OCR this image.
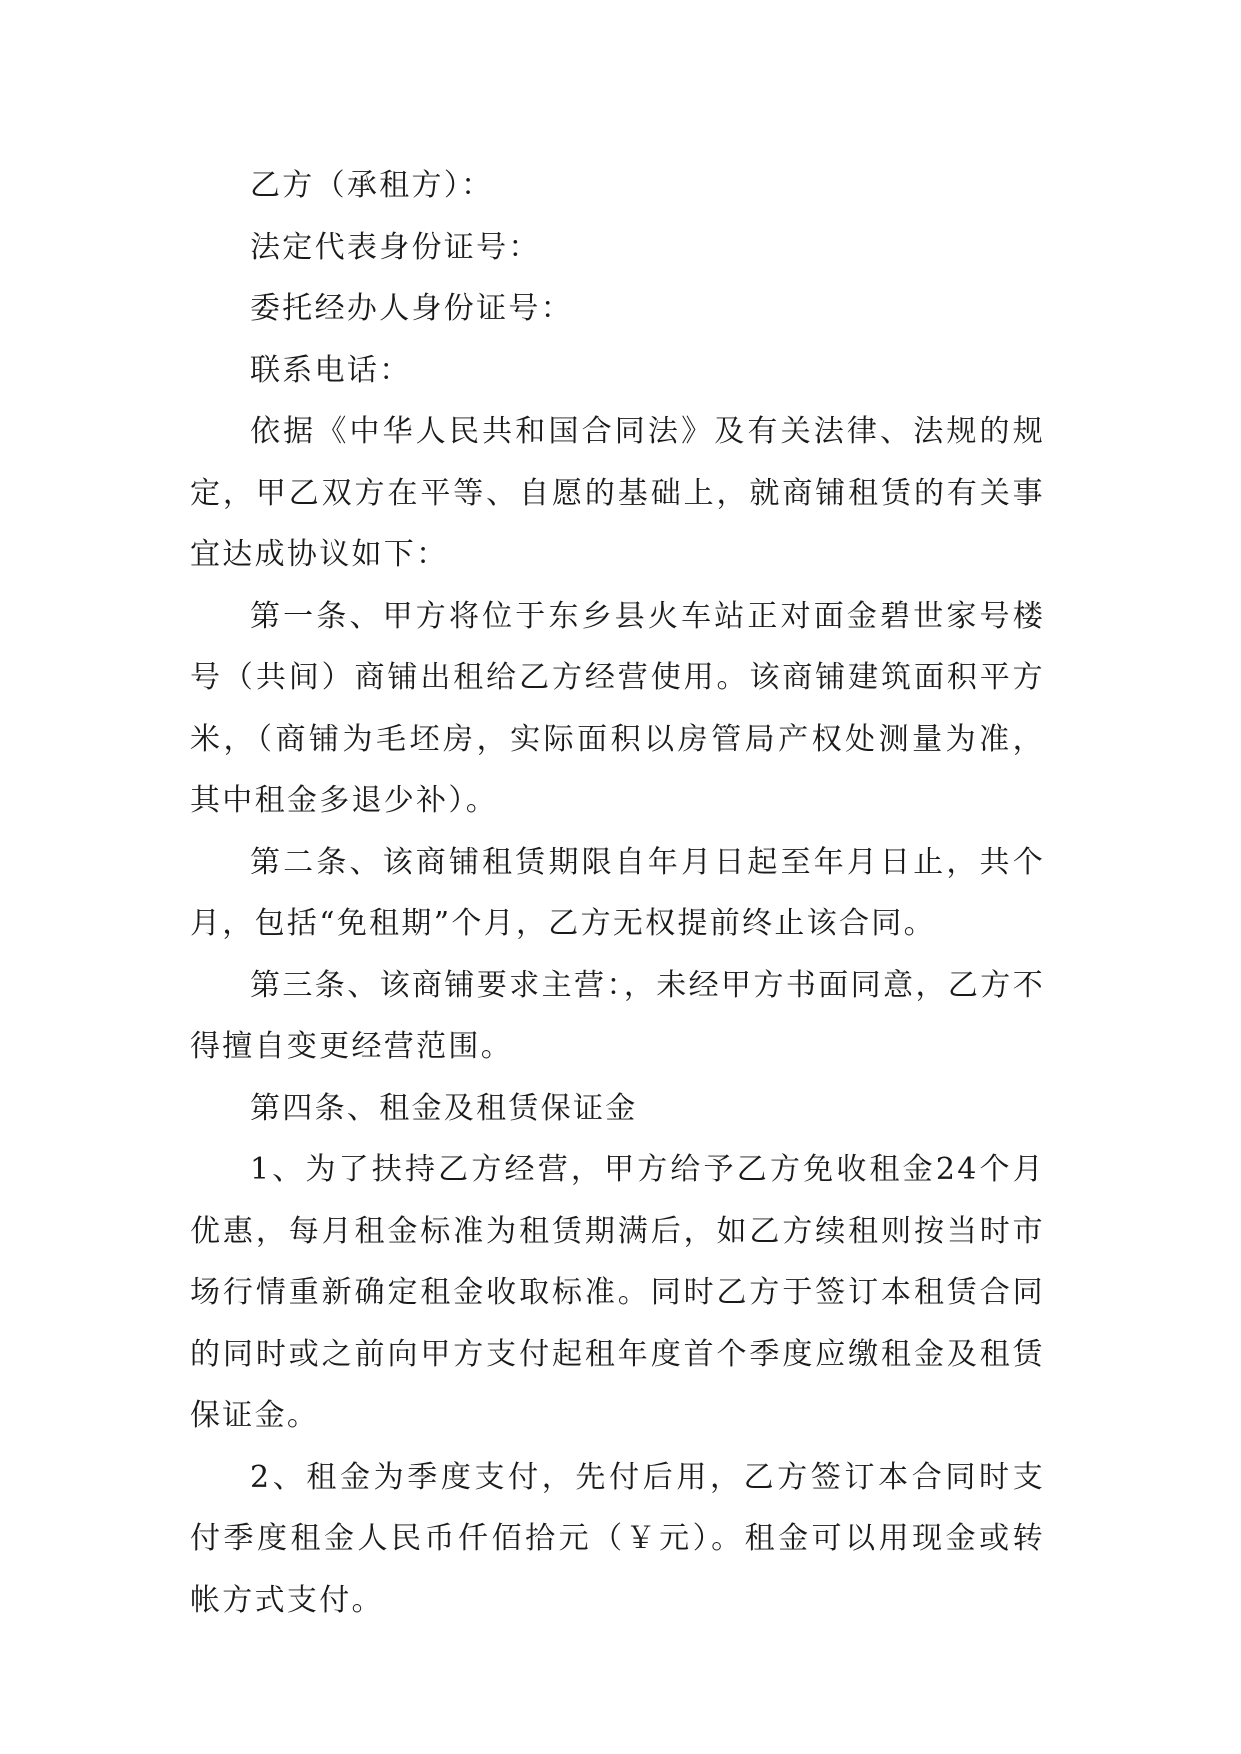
乙方（承租方）：

法定代表身份证号：

委托经办人身份证号：

联系电话：

依据《中华人民共和国合同法》及有关法律、法规的规定，甲乙双方在平等、自愿的基础上，就商铺租赁的有关事宜达成协议如下：

第一条、甲方将位于东乡县火车站正对面金碧世家号楼号（共间）商铺出租给乙方经营使用。该商铺建筑面积平方米，（商铺为毛坯房，实际面积以房管局产权处测量为准，其中租金多退少补）。

第二条、该商铺租赁期限自年月日起至年月日止，共个月，包括“免租期”个月，乙方无权提前终止该合同。

第三条、该商铺要求主营：，未经甲方书面同意，乙方不得擅自变更经营范围。

第四条、租金及租赁保证金

1、为了扶持乙方经营，甲方给予乙方免收租金24个月优惠，每月租金标准为租赁期满后，如乙方续租则按当时市场行情重新确定租金收取标准。同时乙方于签订本租赁合同的同时或之前向甲方支付起租年度首个季度应缴租金及租赁保证金。

2、租金为季度支付，先付后用，乙方签订本合同时支付季度租金人民币仟佰拾元（￥元）。租金可以用现金或转帐方式支付。
